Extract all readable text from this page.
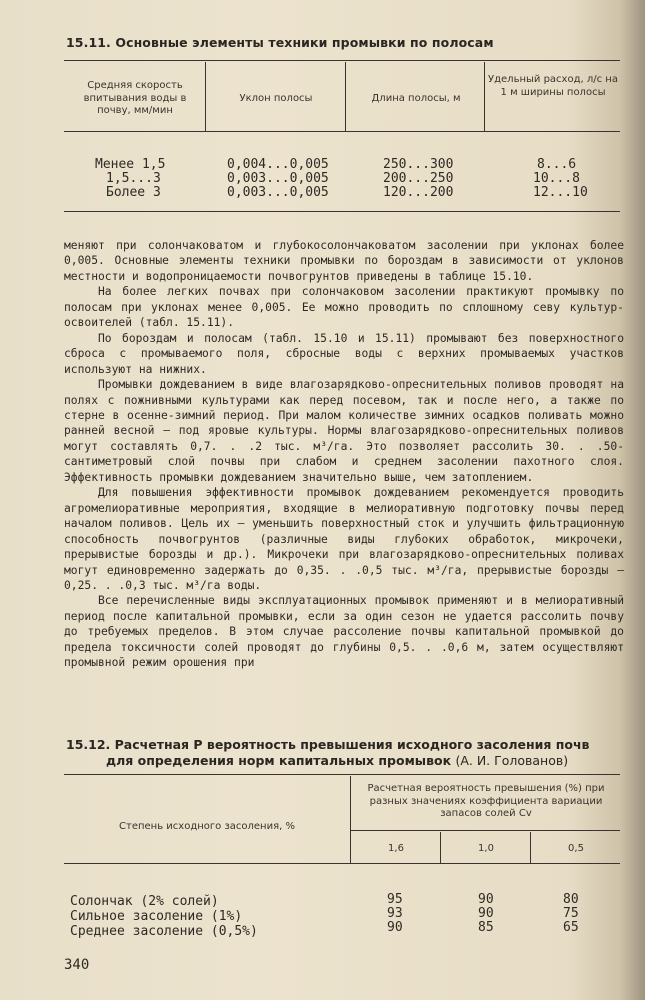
15.11. Основные элементы техники промывки по полосам
Средняя скорость впитывания воды в почву, мм/мин
Уклон полосы	Длина полосы, м
Удельный расход, л/с на 1 м ширины полосы
Менее 1,5	0,004...0,005	250...300	8...6
1,5...3	0,003...0,005	200...250	10...8
Более 3	0,003...0,005	120...200	12...10

меняют при солончаковатом и глубокосолончаковатом засолении при уклонах более 0,005. Основные элементы техники промывки по бороздам в зависимости от уклонов местности и водопроницаемости почвогрунтов приведены в таблице 15.10.

На более легких почвах при солончаковом засолении практикуют промывку по полосам при уклонах менее 0,005. Ее можно проводить по сплошному севу культур-освоителей (табл. 15.11).

По бороздам и полосам (табл. 15.10 и 15.11) промывают без поверхностного сброса с промываемого поля, сбросные воды с верхних промываемых участков используют на нижних.

Промывки дождеванием в виде влагозарядково-опреснительных поливов проводят на полях с пожнивными культурами как перед посевом, так и после него, а также по стерне в осенне-зимний период. При малом количестве зимних осадков поливать можно ранней весной — под яровые культуры. Нормы влагозарядково-опреснительных поливов могут составлять 0,7. . .2 тыс. м³/га. Это позволяет рассолить 30. . .50-сантиметровый слой почвы при слабом и среднем засолении пахотного слоя. Эффективность промывки дождеванием значительно выше, чем затоплением.

Для повышения эффективности промывок дождеванием рекомендуется проводить агромелиоративные мероприятия, входящие в мелиоративную подготовку почвы перед началом поливов. Цель их — уменьшить поверхностный сток и улучшить фильтрационную способность почвогрунтов (различные виды глубоких обработок, микрочеки, прерывистые борозды и др.). Микрочеки при влагозарядково-опреснительных поливах могут единовременно задержать до 0,35. . .0,5 тыс. м³/га, прерывистые борозды — 0,25. . .0,3 тыс. м³/га воды.

Все перечисленные виды эксплуатационных промывок применяют и в мелиоративный период после капитальной промывки, если за один сезон не удается рассолить почву до требуемых пределов. В этом случае рассоление почвы капитальной промывкой до предела токсичности солей проводят до глубины 0,5. . .0,6 м, затем осуществляют промывной режим орошения при

15.12. Расчетная P вероятность превышения исходного засоления почв
для определения норм капитальных промывок (А. И. Голованов)
Степень исходного засоления, %
Расчетная вероятность превышения (%) при разных значениях коэффициента вариации запасов солей Cv
1,6	1,0	0,5
Солончак (2% солей)	95	90	80
Сильное засоление (1%)	93	90	75
Среднее засоление (0,5%)	90	85	65
340
